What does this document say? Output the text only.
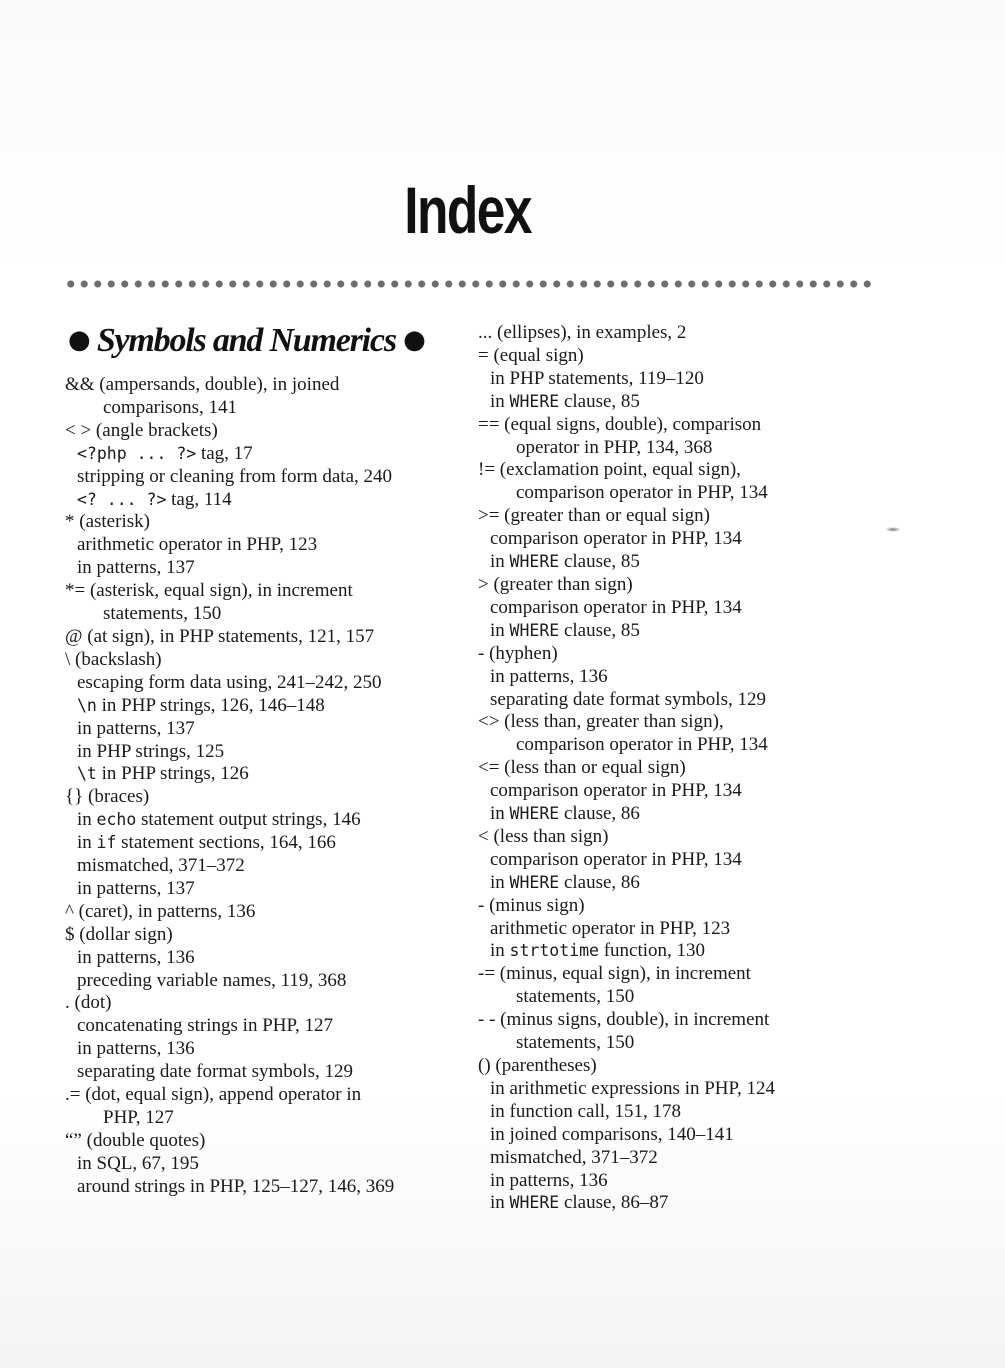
Index
● Symbols and Numerics ●
&& (ampersands, double), in joined
comparisons, 141
< > (angle brackets)
<?php ... ?> tag, 17
stripping or cleaning from form data, 240
<? ... ?> tag, 114
* (asterisk)
arithmetic operator in PHP, 123
in patterns, 137
*= (asterisk, equal sign), in increment
statements, 150
@ (at sign), in PHP statements, 121, 157
\ (backslash)
escaping form data using, 241–242, 250
\n in PHP strings, 126, 146–148
in patterns, 137
in PHP strings, 125
\t in PHP strings, 126
{} (braces)
in echo statement output strings, 146
in if statement sections, 164, 166
mismatched, 371–372
in patterns, 137
^ (caret), in patterns, 136
$ (dollar sign)
in patterns, 136
preceding variable names, 119, 368
. (dot)
concatenating strings in PHP, 127
in patterns, 136
separating date format symbols, 129
.= (dot, equal sign), append operator in
PHP, 127
“” (double quotes)
in SQL, 67, 195
around strings in PHP, 125–127, 146, 369
... (ellipses), in examples, 2
= (equal sign)
in PHP statements, 119–120
in WHERE clause, 85
== (equal signs, double), comparison
operator in PHP, 134, 368
!= (exclamation point, equal sign),
comparison operator in PHP, 134
>= (greater than or equal sign)
comparison operator in PHP, 134
in WHERE clause, 85
> (greater than sign)
comparison operator in PHP, 134
in WHERE clause, 85
- (hyphen)
in patterns, 136
separating date format symbols, 129
<> (less than, greater than sign),
comparison operator in PHP, 134
<= (less than or equal sign)
comparison operator in PHP, 134
in WHERE clause, 86
< (less than sign)
comparison operator in PHP, 134
in WHERE clause, 86
- (minus sign)
arithmetic operator in PHP, 123
in strtotime function, 130
-= (minus, equal sign), in increment
statements, 150
- - (minus signs, double), in increment
statements, 150
() (parentheses)
in arithmetic expressions in PHP, 124
in function call, 151, 178
in joined comparisons, 140–141
mismatched, 371–372
in patterns, 136
in WHERE clause, 86–87
